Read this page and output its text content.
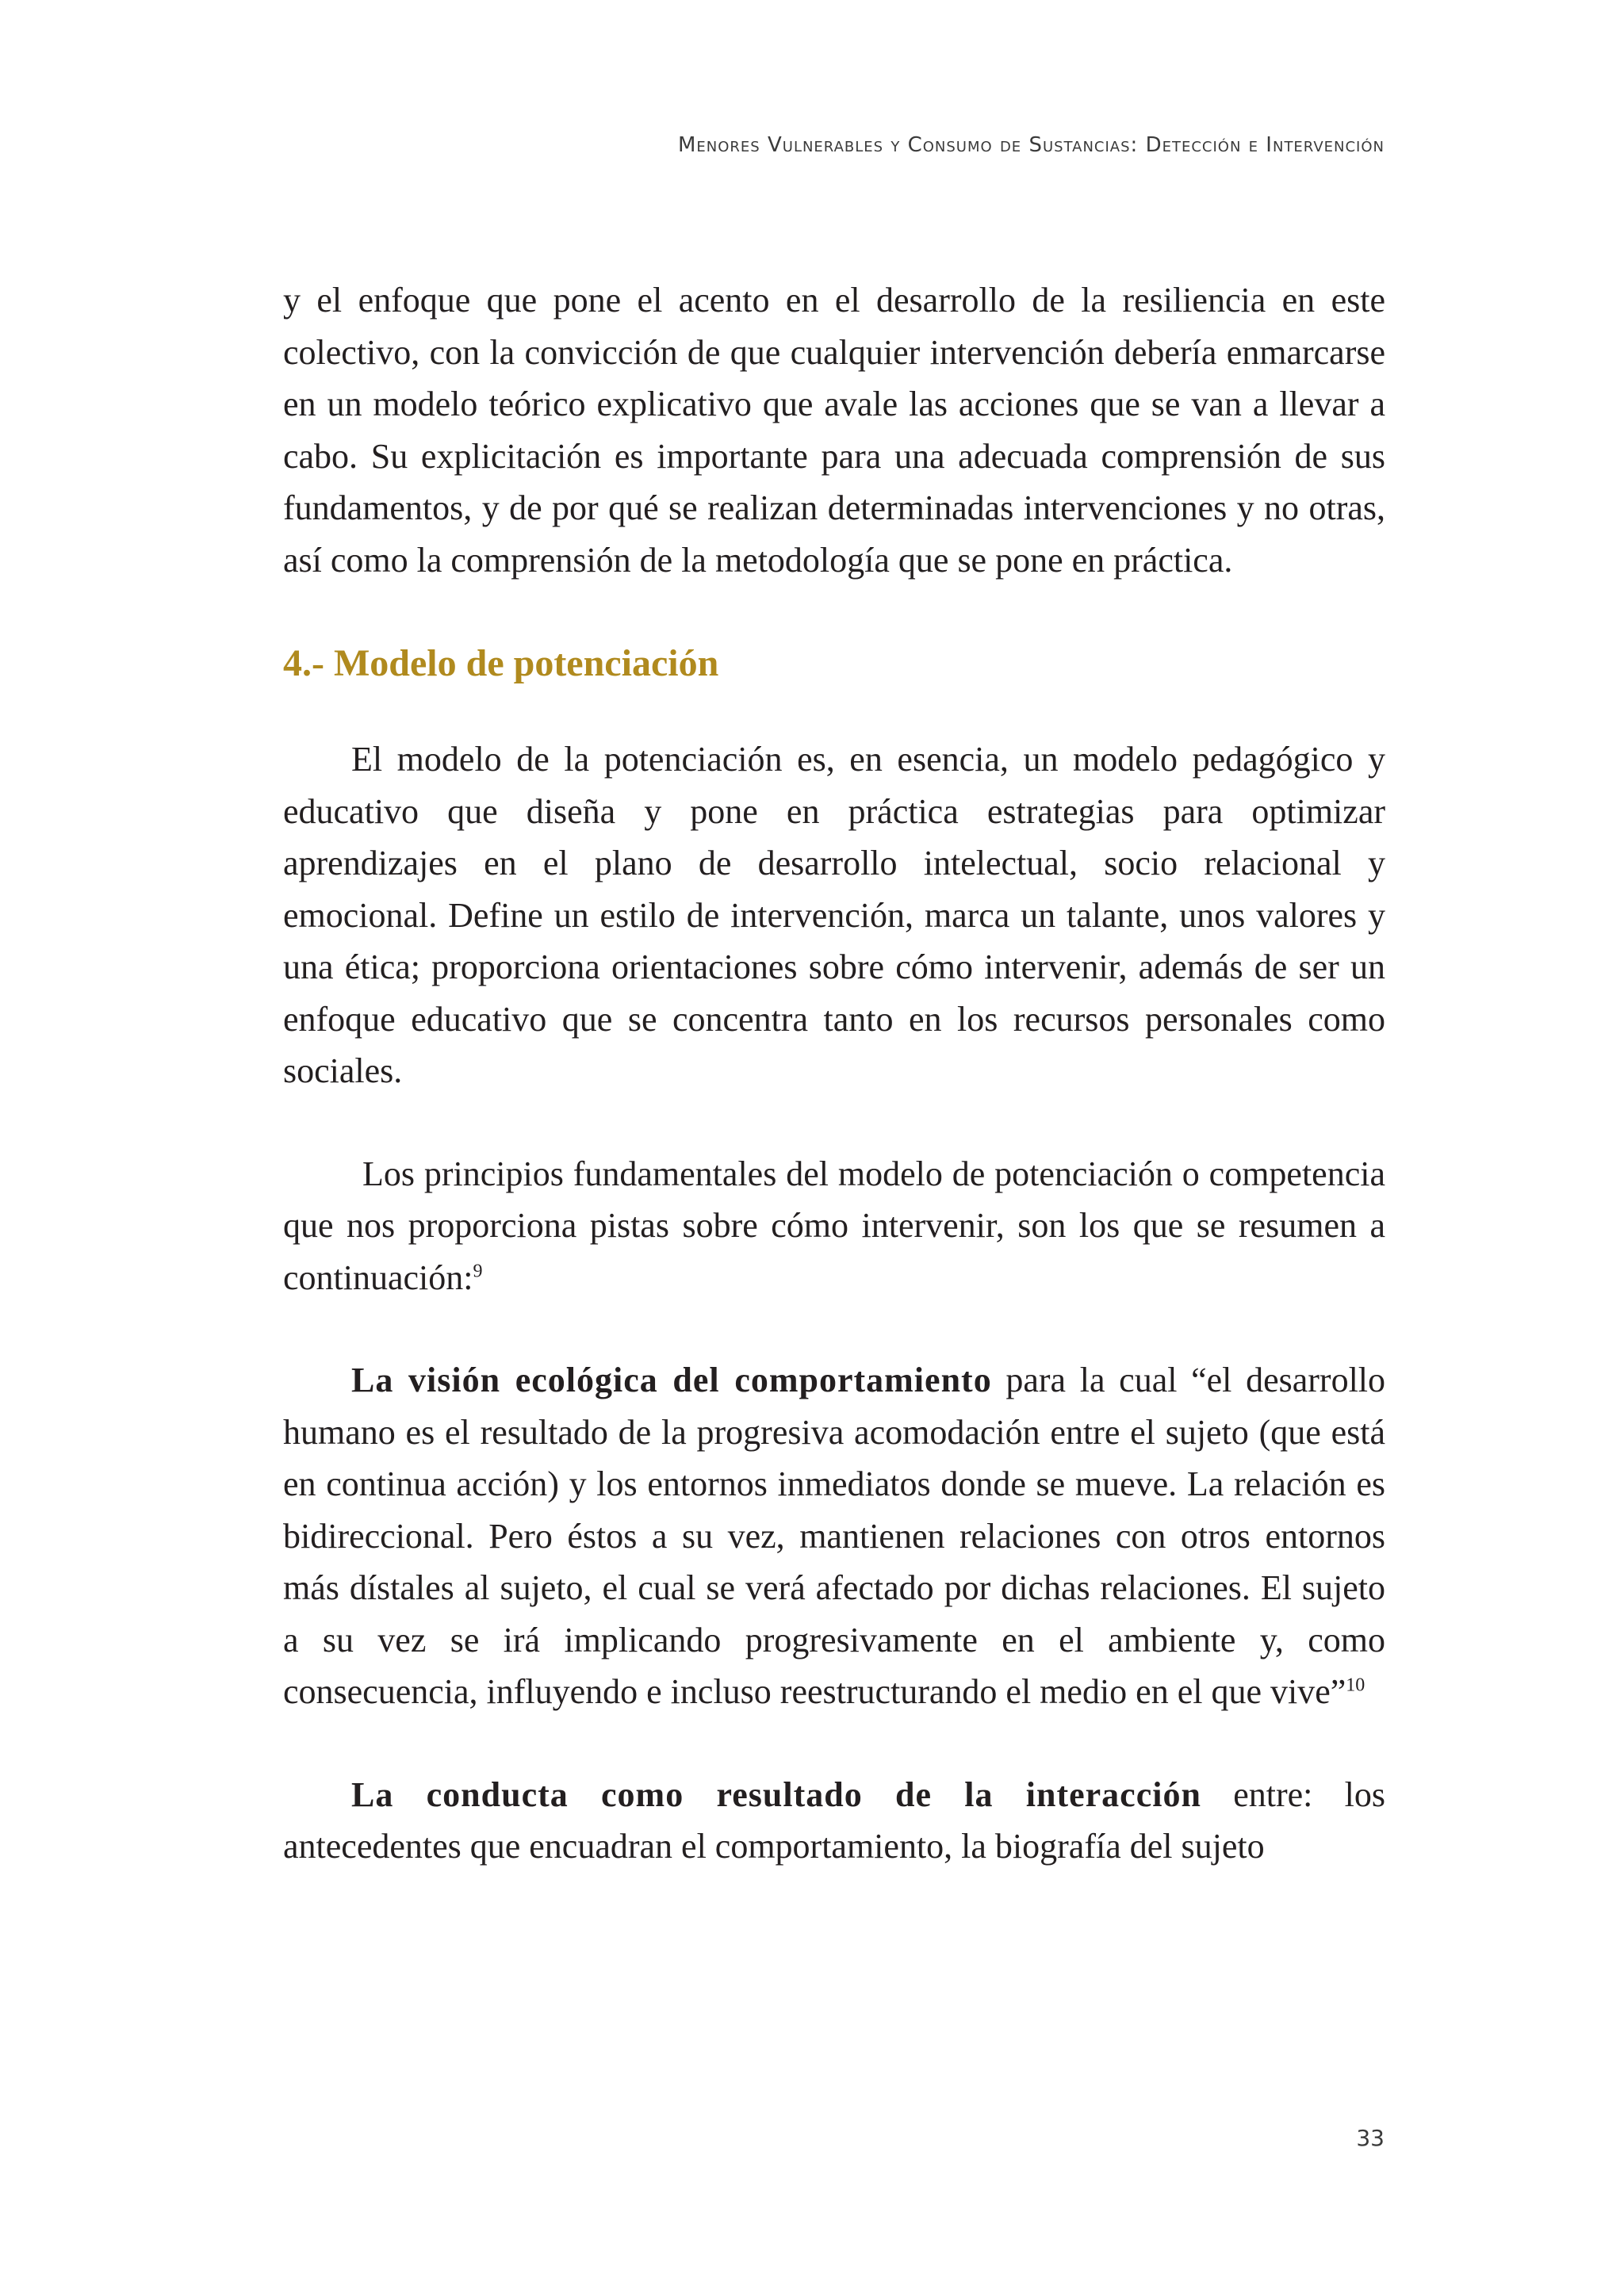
Menores Vulnerables y Consumo de Sustancias: Detección e Intervención

y el enfoque que pone el acento en el desarrollo de la resiliencia en este colectivo, con la convicción de que cualquier intervención debería enmarcarse en un modelo teórico explicativo que avale las acciones que se van a llevar a cabo. Su explicitación es importante para una adecuada comprensión de sus fundamentos, y de por qué se realizan determinadas intervenciones y no otras, así como la comprensión de la metodología que se pone en práctica.

4.- Modelo de potenciación

El modelo de la potenciación es, en esencia, un modelo pedagógico y educativo que diseña y pone en práctica estrategias para optimizar aprendizajes en el plano de desarrollo intelectual, socio relacional y emocional. Define un estilo de intervención, marca un talante, unos valores y una ética; proporciona orientaciones sobre cómo intervenir, además de ser un enfoque educativo que se concentra tanto en los recursos personales como sociales.

Los principios fundamentales del modelo de potenciación o competencia que nos proporciona pistas sobre cómo intervenir, son los que se resumen a continuación:$^9$

La visión ecológica del comportamiento para la cual “el desarrollo humano es el resultado de la progresiva acomodación entre el sujeto (que está en continua acción) y los entornos inmediatos donde se mueve. La relación es bidireccional. Pero éstos a su vez, mantienen relaciones con otros entornos más dístales al sujeto, el cual se verá afectado por dichas relaciones. El sujeto a su vez se irá implicando progresivamente en el ambiente y, como consecuencia, influyendo e incluso reestructurando el medio en el que vive”$^{10}$

La conducta como resultado de la interacción entre: los antecedentes que encuadran el comportamiento, la biografía del sujeto

33
